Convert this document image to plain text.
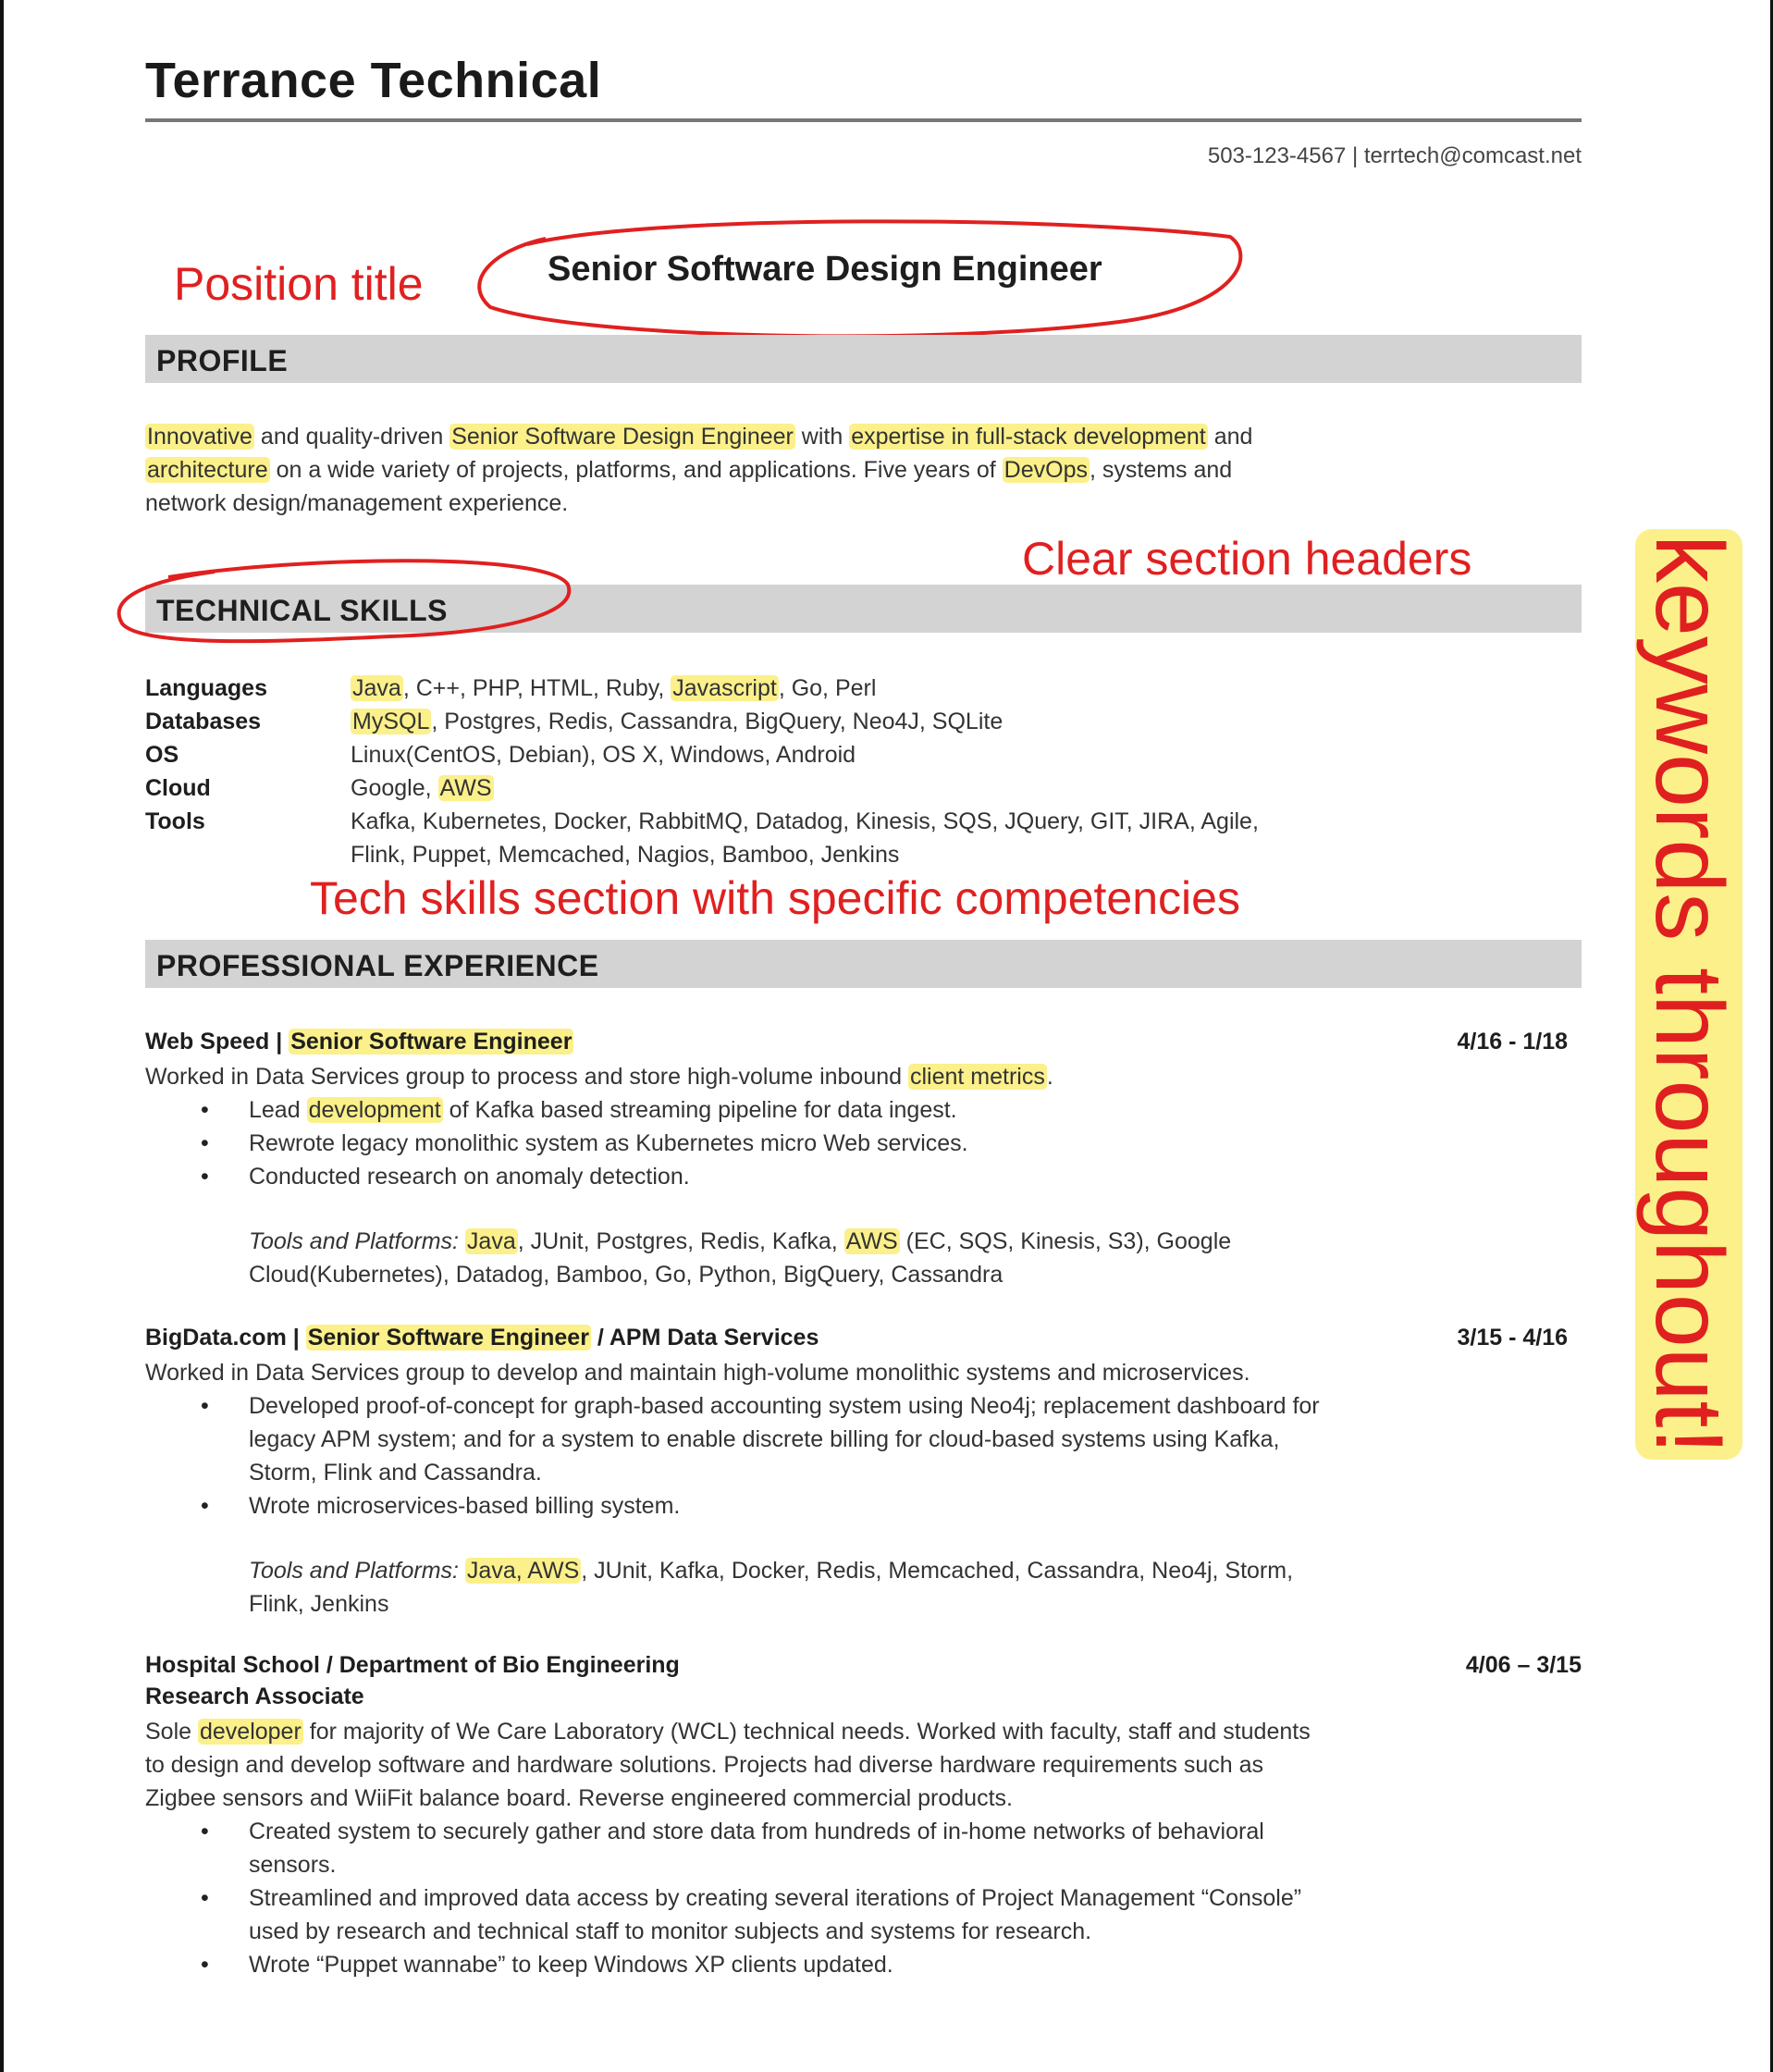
Terrance Technical
503-123-4567 | terrtech@comcast.net
Position title	Senior Software Design Engineer
PROFILE
Innovative and quality-driven Senior Software Design Engineer with expertise in full-stack development and
architecture on a wide variety of projects, platforms, and applications. Five years of DevOps, systems and
network design/management experience.
Clear section headers
TECHNICAL SKILLS
Languages	Java, C++, PHP, HTML, Ruby, Javascript, Go, Perl
Databases	MySQL, Postgres, Redis, Cassandra, BigQuery, Neo4J, SQLite
OS	Linux(CentOS, Debian), OS X, Windows, Android
Cloud	Google, AWS
Tools	Kafka, Kubernetes, Docker, RabbitMQ, Datadog, Kinesis, SQS, JQuery, GIT, JIRA, Agile,
Flink, Puppet, Memcached, Nagios, Bamboo, Jenkins
Tech skills section with specific competencies
PROFESSIONAL EXPERIENCE
Web Speed | Senior Software Engineer	4/16 - 1/18
Worked in Data Services group to process and store high-volume inbound client metrics.
• Lead development of Kafka based streaming pipeline for data ingest.
• Rewrote legacy monolithic system as Kubernetes micro Web services.
• Conducted research on anomaly detection.
Tools and Platforms: Java, JUnit, Postgres, Redis, Kafka, AWS (EC, SQS, Kinesis, S3), Google
Cloud(Kubernetes), Datadog, Bamboo, Go, Python, BigQuery, Cassandra
BigData.com | Senior Software Engineer / APM Data Services	3/15 - 4/16
Worked in Data Services group to develop and maintain high-volume monolithic systems and microservices.
• Developed proof-of-concept for graph-based accounting system using Neo4j; replacement dashboard for
legacy APM system; and for a system to enable discrete billing for cloud-based systems using Kafka,
Storm, Flink and Cassandra.
• Wrote microservices-based billing system.
Tools and Platforms: Java, AWS, JUnit, Kafka, Docker, Redis, Memcached, Cassandra, Neo4j, Storm,
Flink, Jenkins
Hospital School / Department of Bio Engineering	4/06 – 3/15
Research Associate
Sole developer for majority of We Care Laboratory (WCL) technical needs. Worked with faculty, staff and students
to design and develop software and hardware solutions. Projects had diverse hardware requirements such as
Zigbee sensors and WiiFit balance board. Reverse engineered commercial products.
• Created system to securely gather and store data from hundreds of in-home networks of behavioral
sensors.
• Streamlined and improved data access by creating several iterations of Project Management “Console”
used by research and technical staff to monitor subjects and systems for research.
• Wrote “Puppet wannabe” to keep Windows XP clients updated.
keywords throughout!
